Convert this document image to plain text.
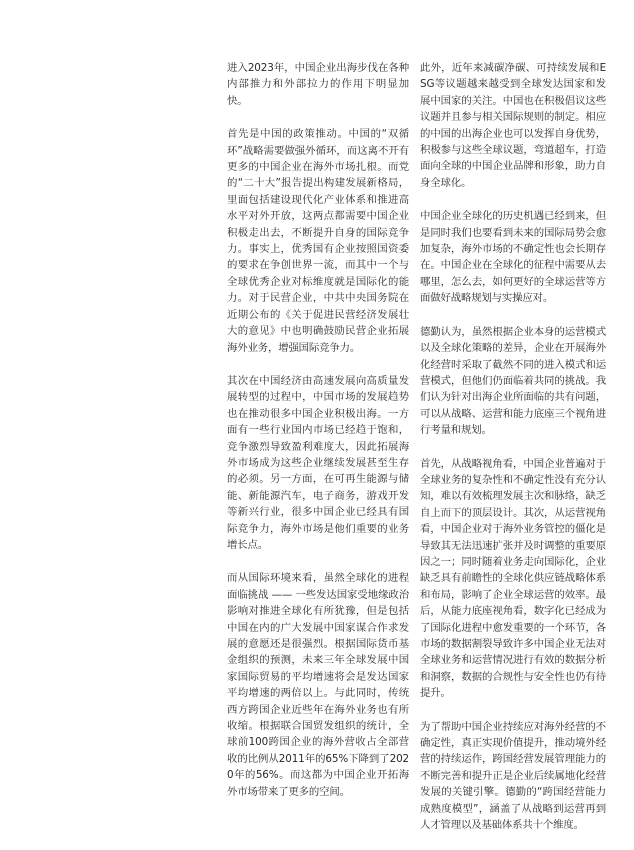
进入2023年，中国企业出海步伐在各种内部推力和外部拉力的作用下明显加快。

首先是中国的政策推动。中国的“双循环”战略需要做强外循环，而这离不开有更多的中国企业在海外市场扎根。而党的“二十大”报告提出构建发展新格局，里面包括建设现代化产业体系和推进高水平对外开放，这两点都需要中国企业积极走出去，不断提升自身的国际竞争力。事实上，优秀国有企业按照国资委的要求在争创世界一流，而其中一个与全球优秀企业对标维度就是国际化的能力。对于民营企业，中共中央国务院在近期公布的《关于促进民营经济发展壮大的意见》中也明确鼓励民营企业拓展海外业务，增强国际竞争力。

其次在中国经济由高速发展向高质量发展转型的过程中，中国市场的发展趋势也在推动很多中国企业积极出海。一方面有一些行业国内市场已经趋于饱和，竞争激烈导致盈利难度大，因此拓展海外市场成为这些企业继续发展甚至生存的必须。另一方面，在可再生能源与储能、新能源汽车，电子商务，游戏开发等新兴行业，很多中国企业已经具有国际竞争力，海外市场是他们重要的业务增长点。

而从国际环境来看，虽然全球化的进程面临挑战 —— 一些发达国家受地缘政治影响对推进全球化有所犹豫，但是包括中国在内的广大发展中国家谋合作求发展的意愿还是很强烈。根据国际货币基金组织的预测，未来三年全球发展中国家国际贸易的平均增速将会是发达国家平均增速的两倍以上。与此同时，传统西方跨国企业近些年在海外业务也有所收缩。根据联合国贸发组织的统计，全球前100跨国企业的海外营收占全部营收的比例从2011年的65%下降到了2020年的56%。而这都为中国企业开拓海外市场带来了更多的空间。

此外，近年来减碳净碳、可持续发展和ESG等议题越来越受到全球发达国家和发展中国家的关注。中国也在积极倡议这些议题并且参与相关国际规则的制定。相应的中国的出海企业也可以发挥自身优势，积极参与这些全球议题，弯道超车，打造面向全球的中国企业品牌和形象，助力自身全球化。

中国企业全球化的历史机遇已经到来，但是同时我们也要看到未来的国际局势会愈加复杂，海外市场的不确定性也会长期存在。中国企业在全球化的征程中需要从去哪里，怎么去，如何更好的全球运营等方面做好战略规划与实操应对。

德勤认为，虽然根据企业本身的运营模式以及全球化策略的差异，企业在开展海外化经营时采取了截然不同的进入模式和运营模式，但他们仍面临着共同的挑战。我们认为针对出海企业所面临的共有问题，可以从战略、运营和能力底座三个视角进行考量和规划。

首先，从战略视角看，中国企业普遍对于全球业务的复杂性和不确定性没有充分认知，难以有效梳理发展主次和脉络，缺乏自上而下的顶层设计。其次，从运营视角看，中国企业对于海外业务管控的僵化是导致其无法迅速扩张并及时调整的重要原因之一；同时随着业务走向国际化，企业缺乏具有前瞻性的全球化供应链战略体系和布局，影响了企业全球运营的效率。最后，从能力底座视角看，数字化已经成为了国际化进程中愈发重要的一个环节，各市场的数据割裂导致许多中国企业无法对全球业务和运营情况进行有效的数据分析和洞察，数据的合规性与安全性也仍有待提升。

为了帮助中国企业持续应对海外经营的不确定性，真正实现价值提升，推动境外经营的持续运作，跨国经营发展管理能力的不断完善和提升正是企业后续属地化经营发展的关键引擎。德勤的“跨国经营能力成熟度模型”，涵盖了从战略到运营再到人才管理以及基础体系共十个维度。
